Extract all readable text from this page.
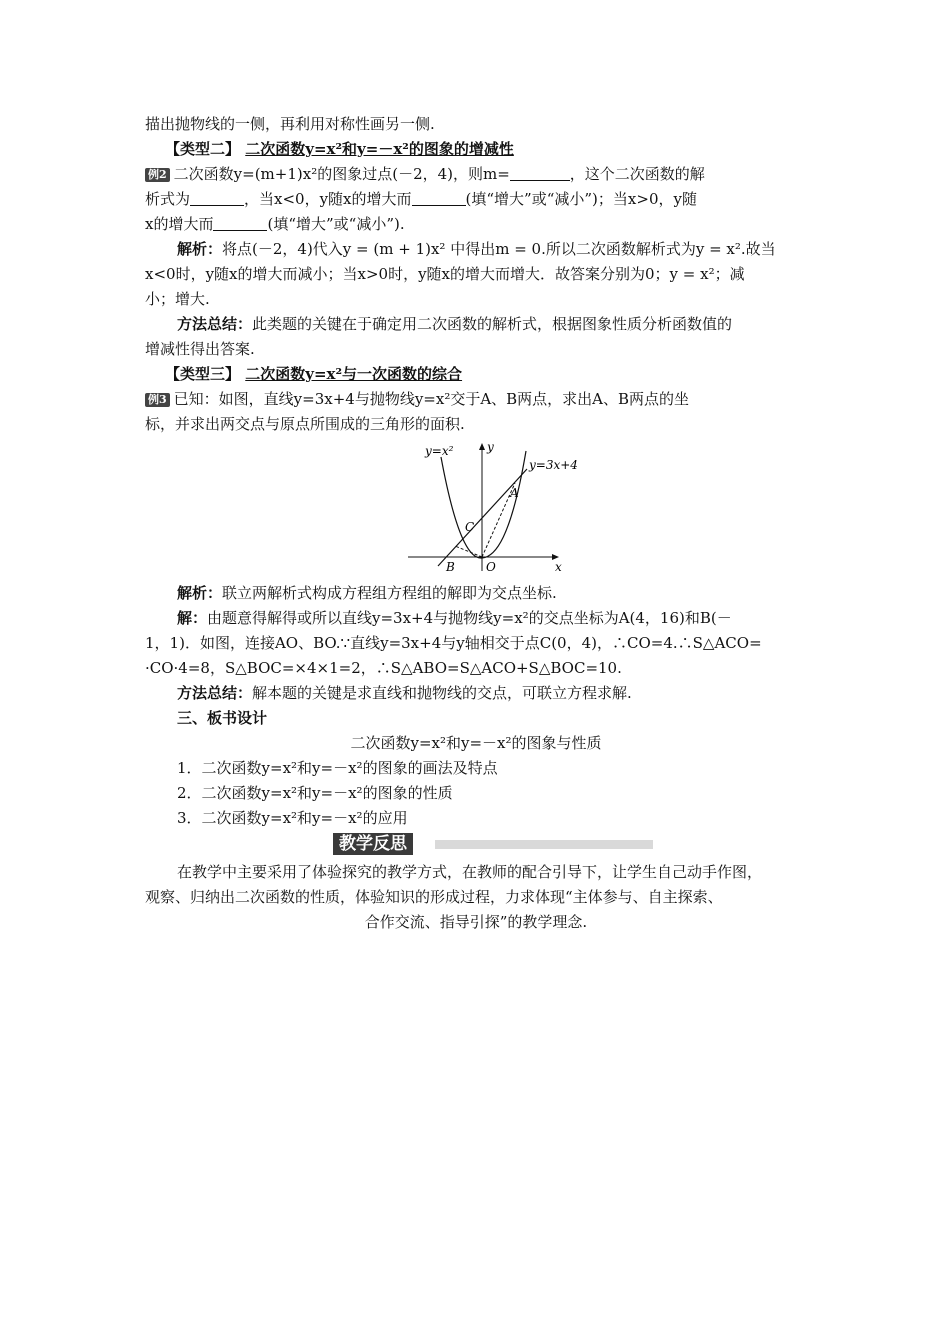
描出抛物线的一侧，再利用对称性画另一侧.
【类型二】 二次函数y=x²和y=－x²的图象的增减性
例2 二次函数y=(m+1)x²的图象过点(－2，4)，则m=	，这个二次函数的解
析式为	，当x<0，y随x的增大而	(填“增大”或“减小”)；当x>0，y随
x的增大而	(填“增大”或“减小”).
解析：将点(－2，4)代入y = (m + 1)x² 中得出m = 0.所以二次函数解析式为y = x².故当
x<0时，y随x的增大而减小；当x>0时，y随x的增大而增大．故答案分别为0；y = x²；减
小；增大.
方法总结：此类题的关键在于确定用二次函数的解析式，根据图象性质分析函数值的
增减性得出答案.
【类型三】 二次函数y=x²与一次函数的综合
例3 已知：如图，直线y=3x+4与抛物线y=x²交于A、B两点，求出A、B两点的坐
标，并求出两交点与原点所围成的三角形的面积.
y=x²	y
y=3x+4
A
C
B	O	x
解析：联立两解析式构成方程组方程组的解即为交点坐标.
解：由题意得解得或所以直线y=3x+4与抛物线y=x²的交点坐标为A(4，16)和B(－
1，1)．如图，连接AO、BO.∵直线y=3x+4与y轴相交于点C(0，4)，∴CO=4.∴S△ACO=
·CO·4=8，S△BOC=×4×1=2，∴S△ABO=S△ACO+S△BOC=10.
方法总结：解本题的关键是求直线和抛物线的交点，可联立方程求解.
三、板书设计
二次函数y=x²和y=－x²的图象与性质
1．二次函数y=x²和y=－x²的图象的画法及特点
2．二次函数y=x²和y=－x²的图象的性质
3．二次函数y=x²和y=－x²的应用
教学反思
在教学中主要采用了体验探究的教学方式，在教师的配合引导下，让学生自己动手作图，
观察、归纳出二次函数的性质，体验知识的形成过程，力求体现“主体参与、自主探索、
合作交流、指导引探”的教学理念.
